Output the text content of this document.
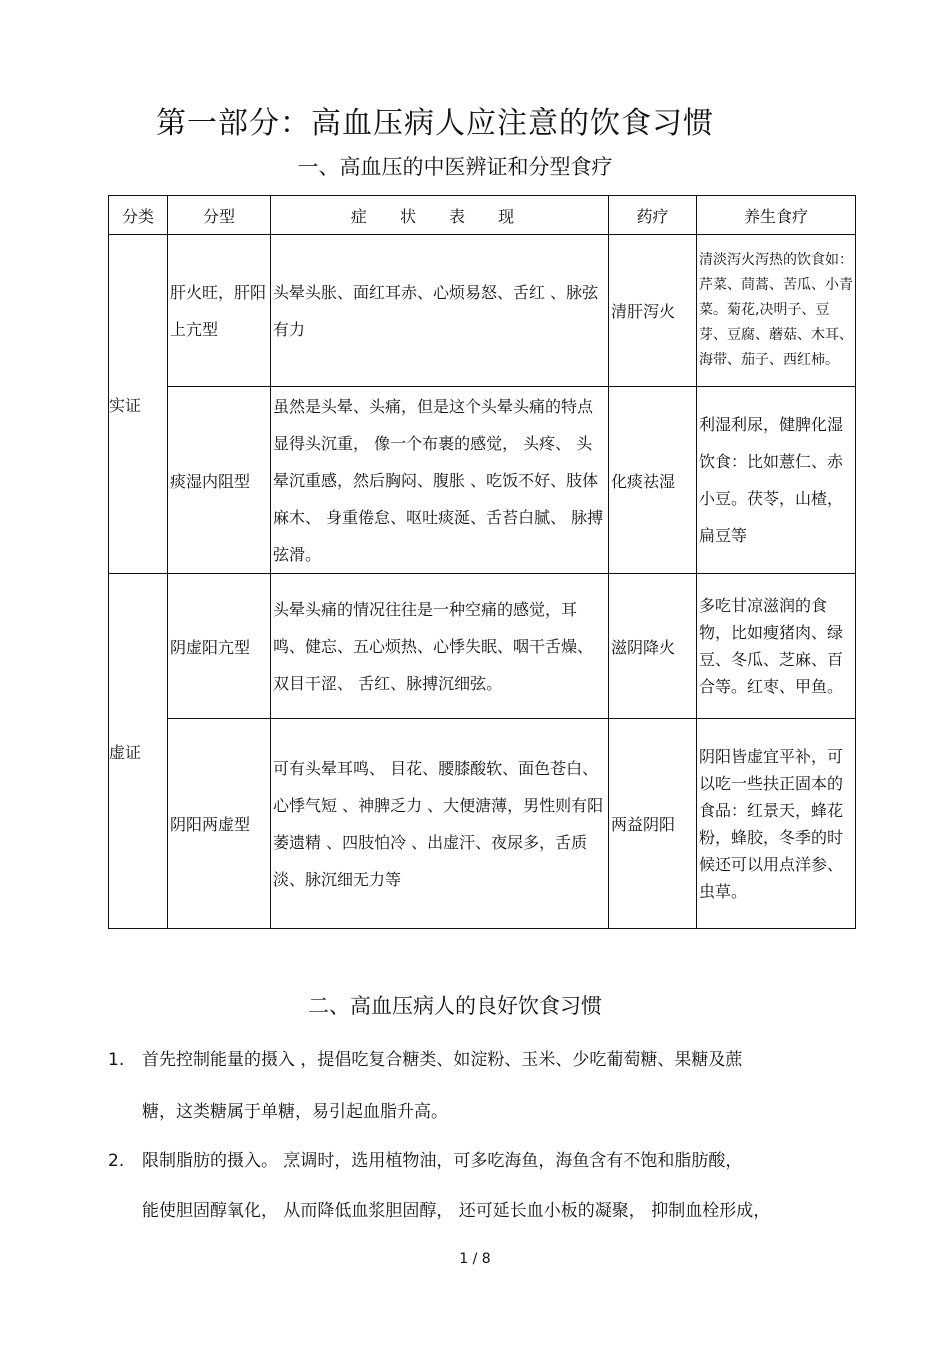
第一部分：高血压病人应注意的饮食习惯
一、高血压的中医辨证和分型食疗
分类	分型	症 状 表 现	药疗	养生食疗
实证	肝火旺，肝阳上亢型	头晕头胀、面红耳赤、心烦易怒、舌红 、脉弦有力	清肝泻火	清淡泻火泻热的饮食如：芹菜、茼蒿、苦瓜、小青菜。菊花,决明子、豆芽、豆腐、蘑菇、木耳、海带、茄子、西红柿。
	痰湿内阻型	虽然是头晕、头痛，但是这个头晕头痛的特点显得头沉重， 像一个布裹的感觉， 头疼、 头晕沉重感，然后胸闷、腹胀 、吃饭不好、肢体麻木、 身重倦怠、呕吐痰涎、舌苔白腻、 脉搏弦滑。	化痰祛湿	利湿利尿，健脾化湿饮食：比如薏仁、赤小豆。茯苓，山楂，扁豆等
虚证	阴虚阳亢型	头晕头痛的情况往往是一种空痛的感觉，耳鸣、健忘、五心烦热、心悸失眠、咽干舌燥、双目干涩、 舌红、脉搏沉细弦。	滋阴降火	多吃甘凉滋润的食物，比如瘦猪肉、绿豆、冬瓜、芝麻、百合等。红枣、甲鱼。
	阴阳两虚型	可有头晕耳鸣、 目花、腰膝酸软、面色苍白、 心悸气短 、神脾乏力 、大便溏薄，男性则有阳萎遗精 、四肢怕冷 、出虚汗、夜尿多，舌质淡、脉沉细无力等	两益阴阳	阴阳皆虚宜平补，可以吃一些扶正固本的食品：红景天，蜂花粉，蜂胶，冬季的时候还可以用点洋参、虫草。
二、高血压病人的良好饮食习惯
1. 首先控制能量的摄入 ，提倡吃复合糖类、如淀粉、玉米、少吃葡萄糖、果糖及蔗
糖，这类糖属于单糖，易引起血脂升高。
2. 限制脂肪的摄入。 烹调时，选用植物油，可多吃海鱼，海鱼含有不饱和脂肪酸，
能使胆固醇氧化， 从而降低血浆胆固醇， 还可延长血小板的凝聚， 抑制血栓形成，
1 / 8
